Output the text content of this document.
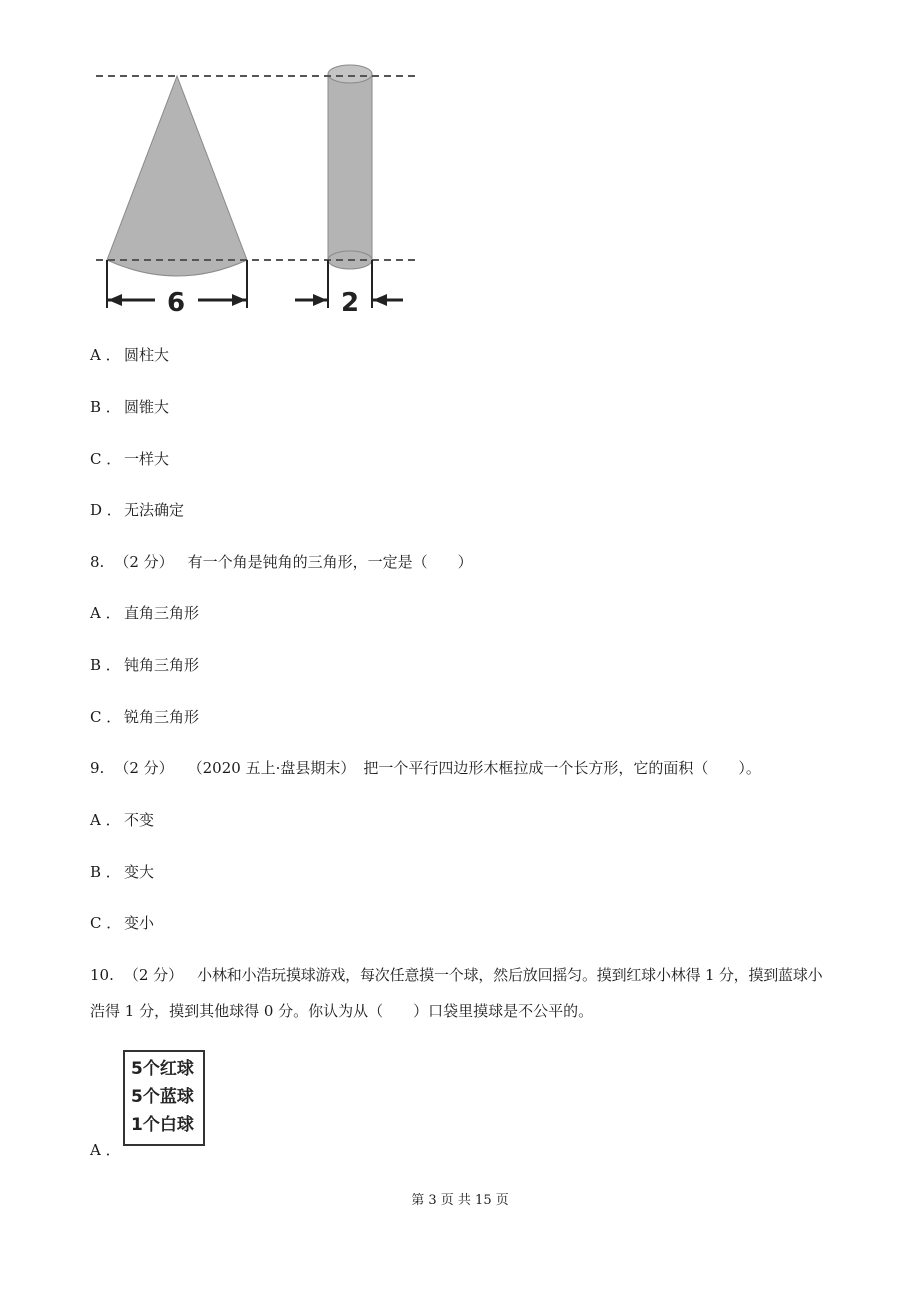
6	2
A ． 圆柱大
B ． 圆锥大
C ． 一样大
D ． 无法确定
8. （2 分） 有一个角是钝角的三角形，一定是（　　）
A ． 直角三角形
B ． 钝角三角形
C ． 锐角三角形
9. （2 分） （2020 五上·盘县期末） 把一个平行四边形木框拉成一个长方形，它的面积（　　）。
A ． 不变
B ． 变大
C ． 变小
10. （2 分） 小林和小浩玩摸球游戏，每次任意摸一个球，然后放回摇匀。摸到红球小林得 1 分，摸到蓝球小
浩得 1 分，摸到其他球得 0 分。你认为从（　　）口袋里摸球是不公平的。
5个红球
5个蓝球
1个白球
A ．
第 3 页 共 15 页
